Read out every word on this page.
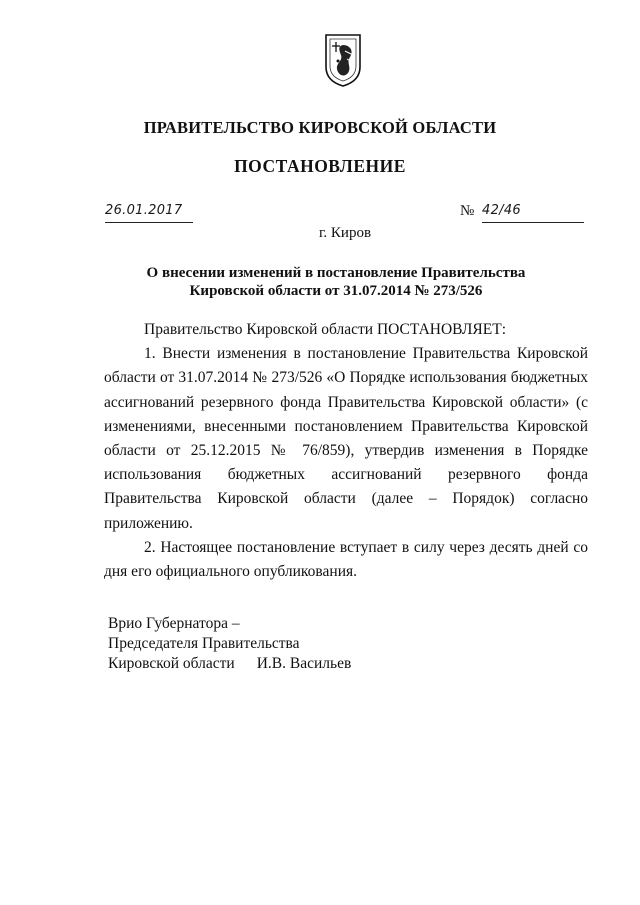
ПРАВИТЕЛЬСТВО КИРОВСКОЙ ОБЛАСТИ
ПОСТАНОВЛЕНИЕ
26.01.2017	№ 42/46
г. Киров
О внесении изменений в постановление Правительства
Кировской области от 31.07.2014 № 273/526

Правительство Кировской области ПОСТАНОВЛЯЕТ:

1. Внести изменения в постановление Правительства Кировской области от 31.07.2014 № 273/526 «О Порядке использования бюджетных ассигнований резервного фонда Правительства Кировской области» (с изменениями, внесенными постановлением Правительства Кировской области от 25.12.2015 № 76/859), утвердив изменения в Порядке использования бюджетных ассигнований резервного фонда Правительства Кировской области (далее – Порядок) согласно приложению.

2. Настоящее постановление вступает в силу через десять дней со дня его официального опубликования.

Врио Губернатора –
Председателя Правительства
Кировской области И.В. Васильев
